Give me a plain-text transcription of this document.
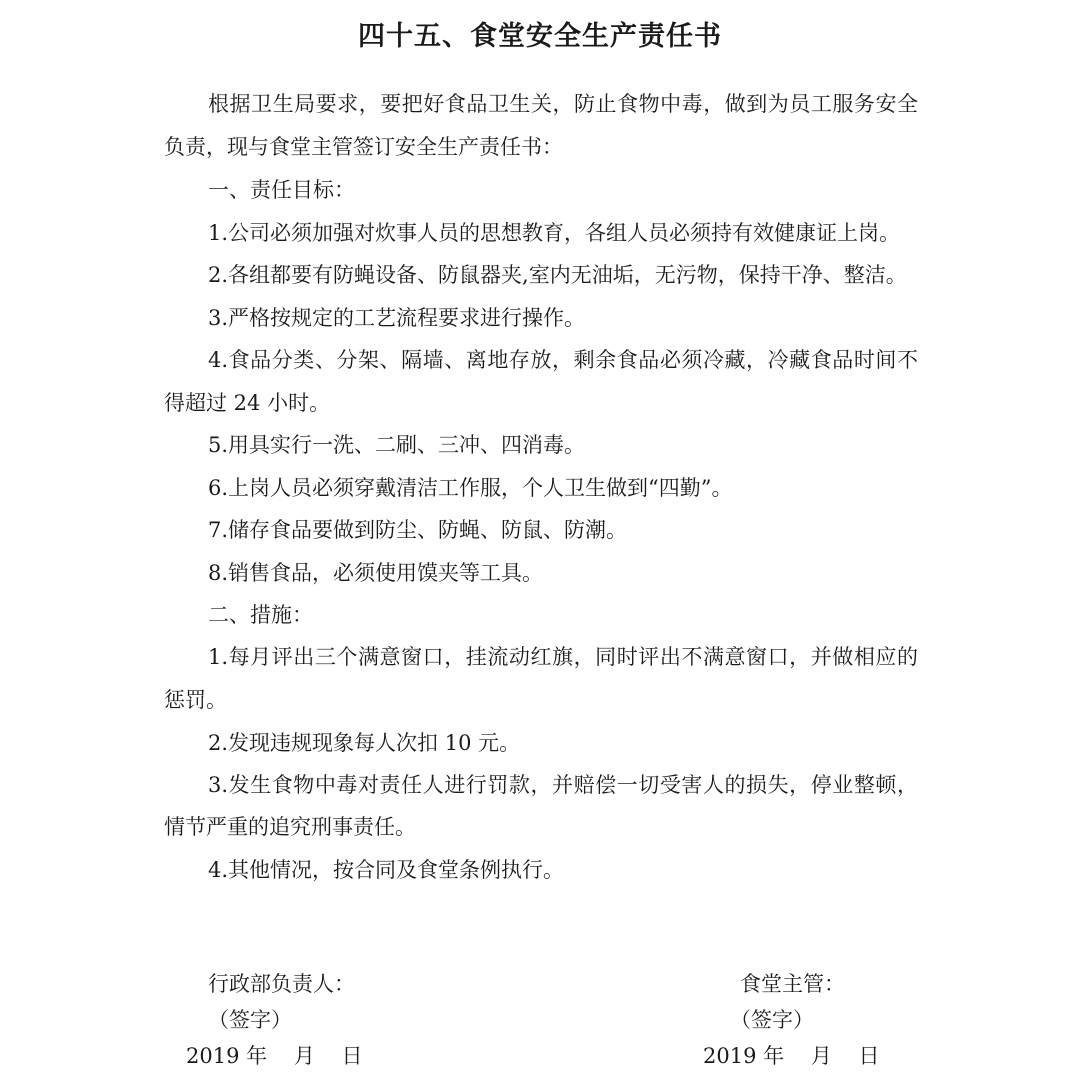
四十五、食堂安全生产责任书
根据卫生局要求，要把好食品卫生关，防止食物中毒，做到为员工服务安全
负责，现与食堂主管签订安全生产责任书：
一、责任目标：
1.公司必须加强对炊事人员的思想教育，各组人员必须持有效健康证上岗。
2.各组都要有防蝇设备、防鼠器夹,室内无油垢，无污物，保持干净、整洁。
3.严格按规定的工艺流程要求进行操作。
4.食品分类、分架、隔墙、离地存放，剩余食品必须冷藏，冷藏食品时间不
得超过 24 小时。
5.用具实行一洗、二刷、三冲、四消毒。
6.上岗人员必须穿戴清洁工作服，个人卫生做到“四勤”。
7.储存食品要做到防尘、防蝇、防鼠、防潮。
8.销售食品，必须使用馍夹等工具。
二、措施：
1.每月评出三个满意窗口，挂流动红旗，同时评出不满意窗口，并做相应的
惩罚。
2.发现违规现象每人次扣 10 元。
3.发生食物中毒对责任人进行罚款，并赔偿一切受害人的损失，停业整顿，
情节严重的追究刑事责任。
4.其他情况，按合同及食堂条例执行。
行政部负责人：
（签字）
2019 年    月    日
食堂主管：
（签字）
2019 年    月    日
